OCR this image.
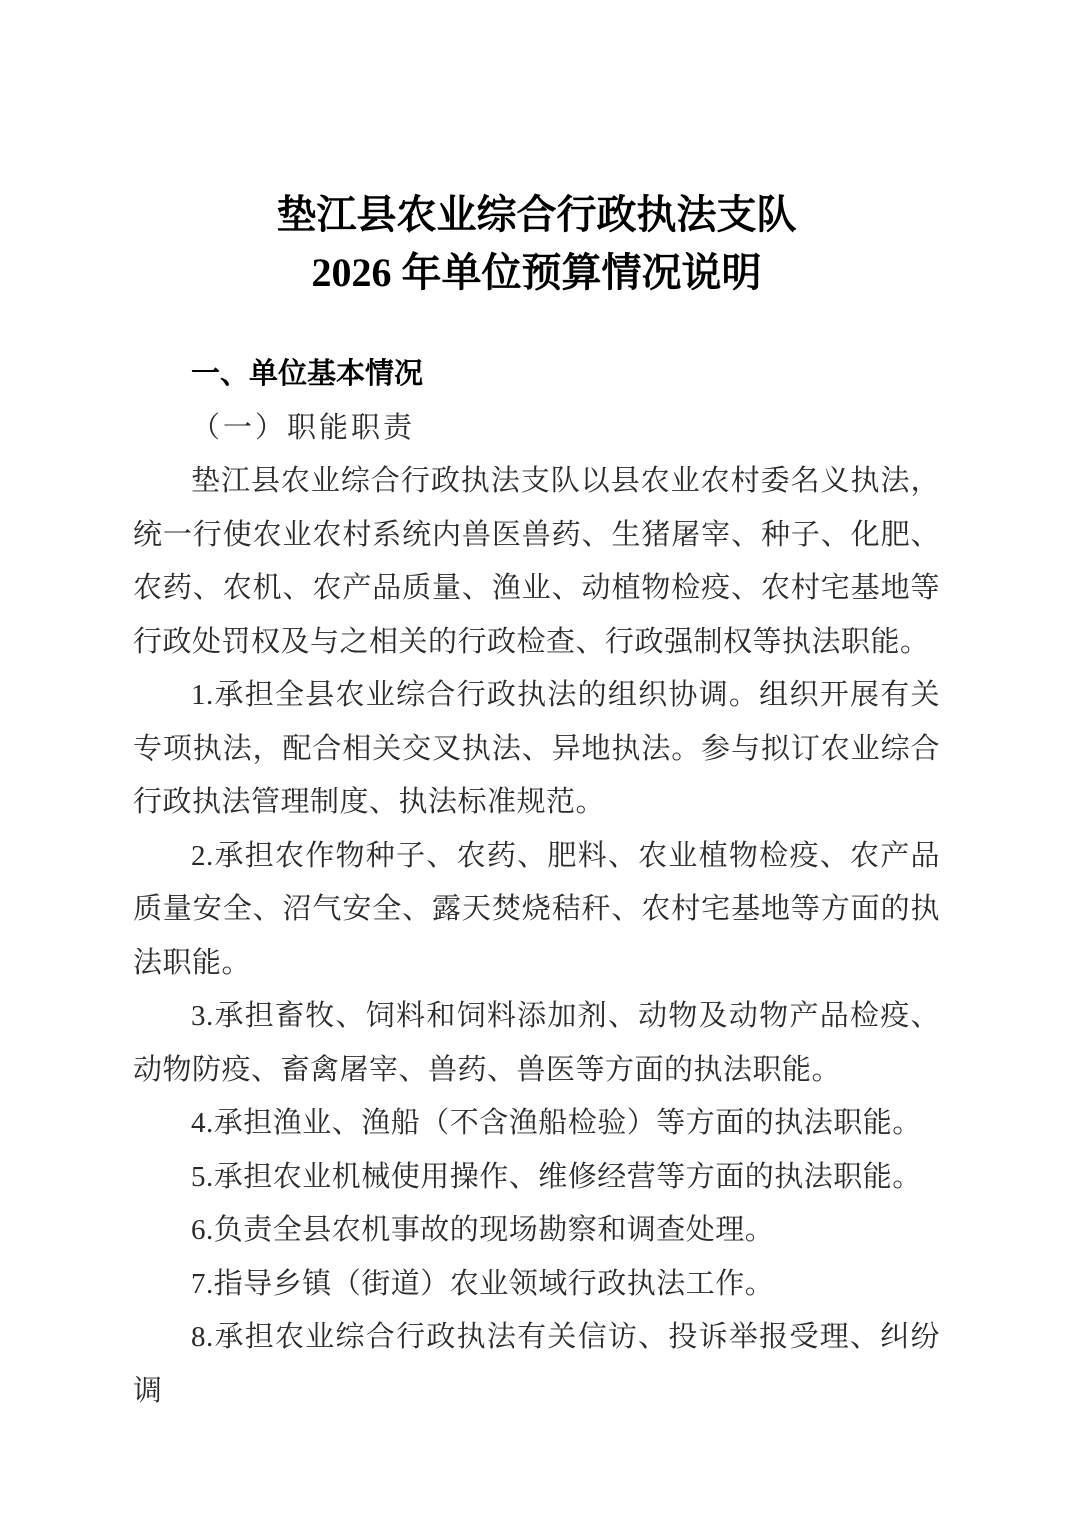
垫江县农业综合行政执法支队
2026 年单位预算情况说明
一、单位基本情况
（一）职能职责

垫江县农业综合行政执法支队以县农业农村委名义执法，统一行使农业农村系统内兽医兽药、生猪屠宰、种子、化肥、农药、农机、农产品质量、渔业、动植物检疫、农村宅基地等行政处罚权及与之相关的行政检查、行政强制权等执法职能。

1.承担全县农业综合行政执法的组织协调。组织开展有关专项执法，配合相关交叉执法、异地执法。参与拟订农业综合行政执法管理制度、执法标准规范。

2.承担农作物种子、农药、肥料、农业植物检疫、农产品质量安全、沼气安全、露天焚烧秸秆、农村宅基地等方面的执法职能。

3.承担畜牧、饲料和饲料添加剂、动物及动物产品检疫、动物防疫、畜禽屠宰、兽药、兽医等方面的执法职能。

4.承担渔业、渔船（不含渔船检验）等方面的执法职能。

5.承担农业机械使用操作、维修经营等方面的执法职能。

6.负责全县农机事故的现场勘察和调查处理。

7.指导乡镇（街道）农业领域行政执法工作。

8.承担农业综合行政执法有关信访、投诉举报受理、纠纷调
